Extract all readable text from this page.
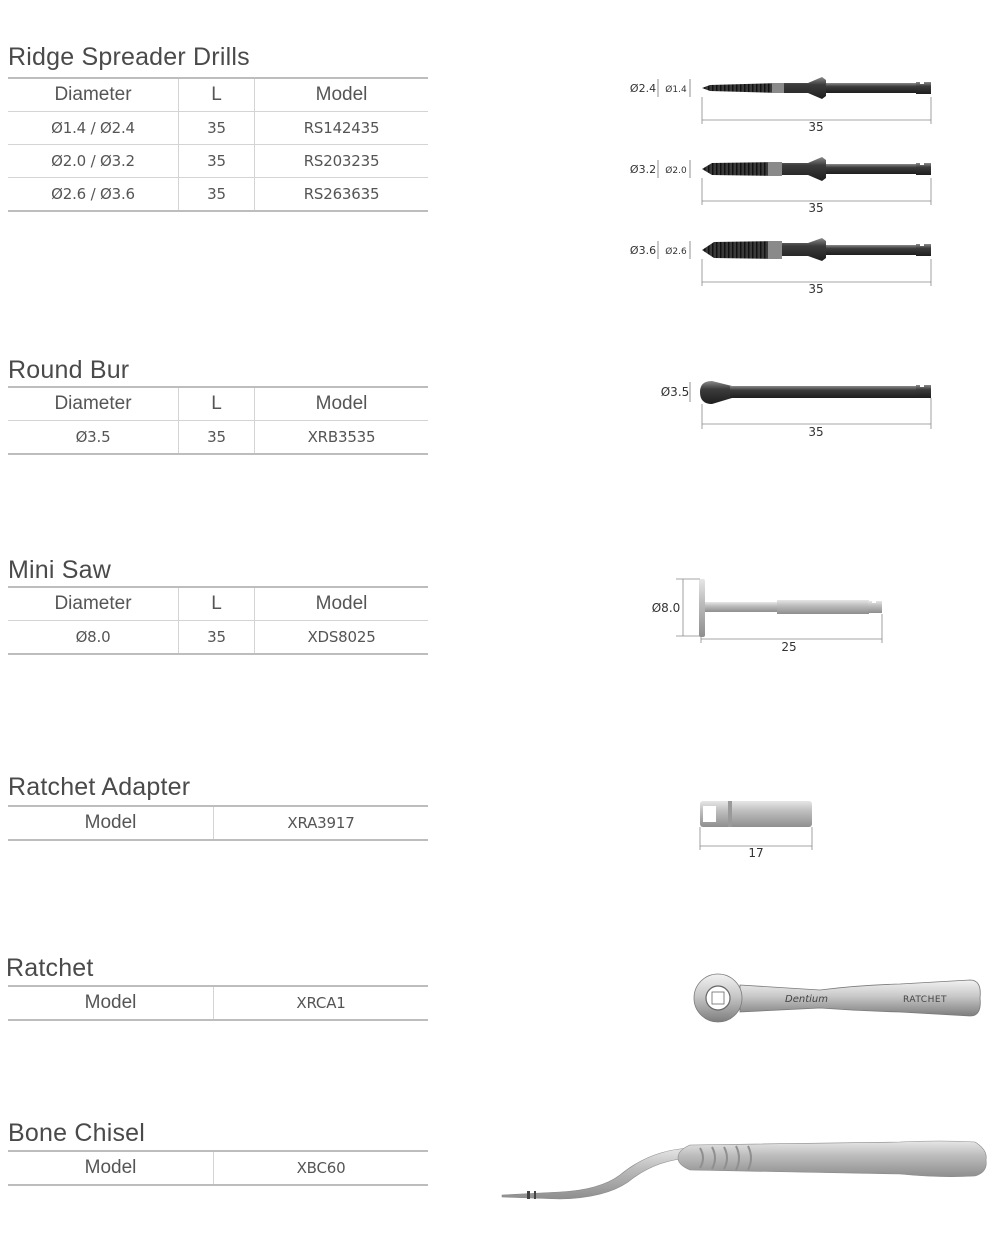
Ridge Spreader Drills
Diameter	L	Model
Ø1.4 / Ø2.4	35	RS142435
Ø2.0 / Ø3.2	35	RS203235
Ø2.6 / Ø3.6	35	RS263635
Round Bur
Diameter	L	Model
Ø3.5	35	XRB3535
Mini Saw
Diameter	L	Model
Ø8.0	35	XDS8025
Ratchet Adapter
Model	XRA3917
Ratchet
Model	XRCA1
Bone Chisel
Model	XBC60
Ø2.4 Ø1.4
35
Ø3.2 Ø2.0
35
Ø3.6 Ø2.6
35
Ø3.5
35
Ø8.0
25
17
Dentium	RATCHET
